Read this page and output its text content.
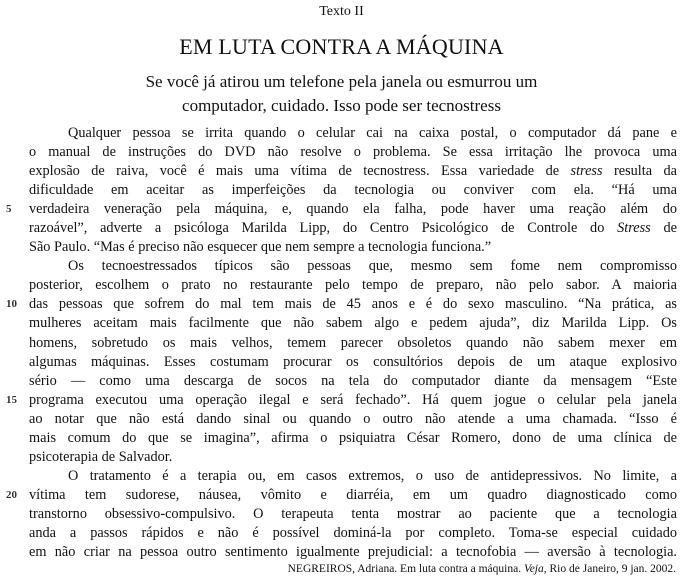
Texto II
EM LUTA CONTRA A MÁQUINA
Se você já atirou um telefone pela janela ou esmurrou um
computador, cuidado. Isso pode ser tecnostress
Qualquer pessoa se irrita quando o celular cai na caixa postal, o computador dá pane e
o manual de instruções do DVD não resolve o problema. Se essa irritação lhe provoca uma
explosão de raiva, você é mais uma vítima de tecnostress. Essa variedade de stress resulta da
dificuldade em aceitar as imperfeições da tecnologia ou conviver com ela. “Há uma
5	verdadeira veneração pela máquina, e, quando ela falha, pode haver uma reação além do
razoável”, adverte a psicóloga Marilda Lipp, do Centro Psicológico de Controle do Stress de
São Paulo. “Mas é preciso não esquecer que nem sempre a tecnologia funciona.”
Os tecnoestressados típicos são pessoas que, mesmo sem fome nem compromisso
posterior, escolhem o prato no restaurante pelo tempo de preparo, não pelo sabor. A maioria
10 das pessoas que sofrem do mal tem mais de 45 anos e é do sexo masculino. “Na prática, as
mulheres aceitam mais facilmente que não sabem algo e pedem ajuda”, diz Marilda Lipp. Os
homens, sobretudo os mais velhos, temem parecer obsoletos quando não sabem mexer em
algumas máquinas. Esses costumam procurar os consultórios depois de um ataque explosivo
sério — como uma descarga de socos na tela do computador diante da mensagem “Este
15 programa executou uma operação ilegal e será fechado”. Há quem jogue o celular pela janela
ao notar que não está dando sinal ou quando o outro não atende a uma chamada. “Isso é
mais comum do que se imagina”, afirma o psiquiatra César Romero, dono de uma clínica de
psicoterapia de Salvador.
O tratamento é a terapia ou, em casos extremos, o uso de antidepressivos. No limite, a
20 vítima tem sudorese, náusea, vômito e diarréia, em um quadro diagnosticado como
transtorno obsessivo-compulsivo. O terapeuta tenta mostrar ao paciente que a tecnologia
anda a passos rápidos e não é possível dominá-la por completo. Toma-se especial cuidado
em não criar na pessoa outro sentimento igualmente prejudicial: a tecnofobia — aversão à tecnologia.
NEGREIROS, Adriana. Em luta contra a máquina. Veja, Rio de Janeiro, 9 jan. 2002.
